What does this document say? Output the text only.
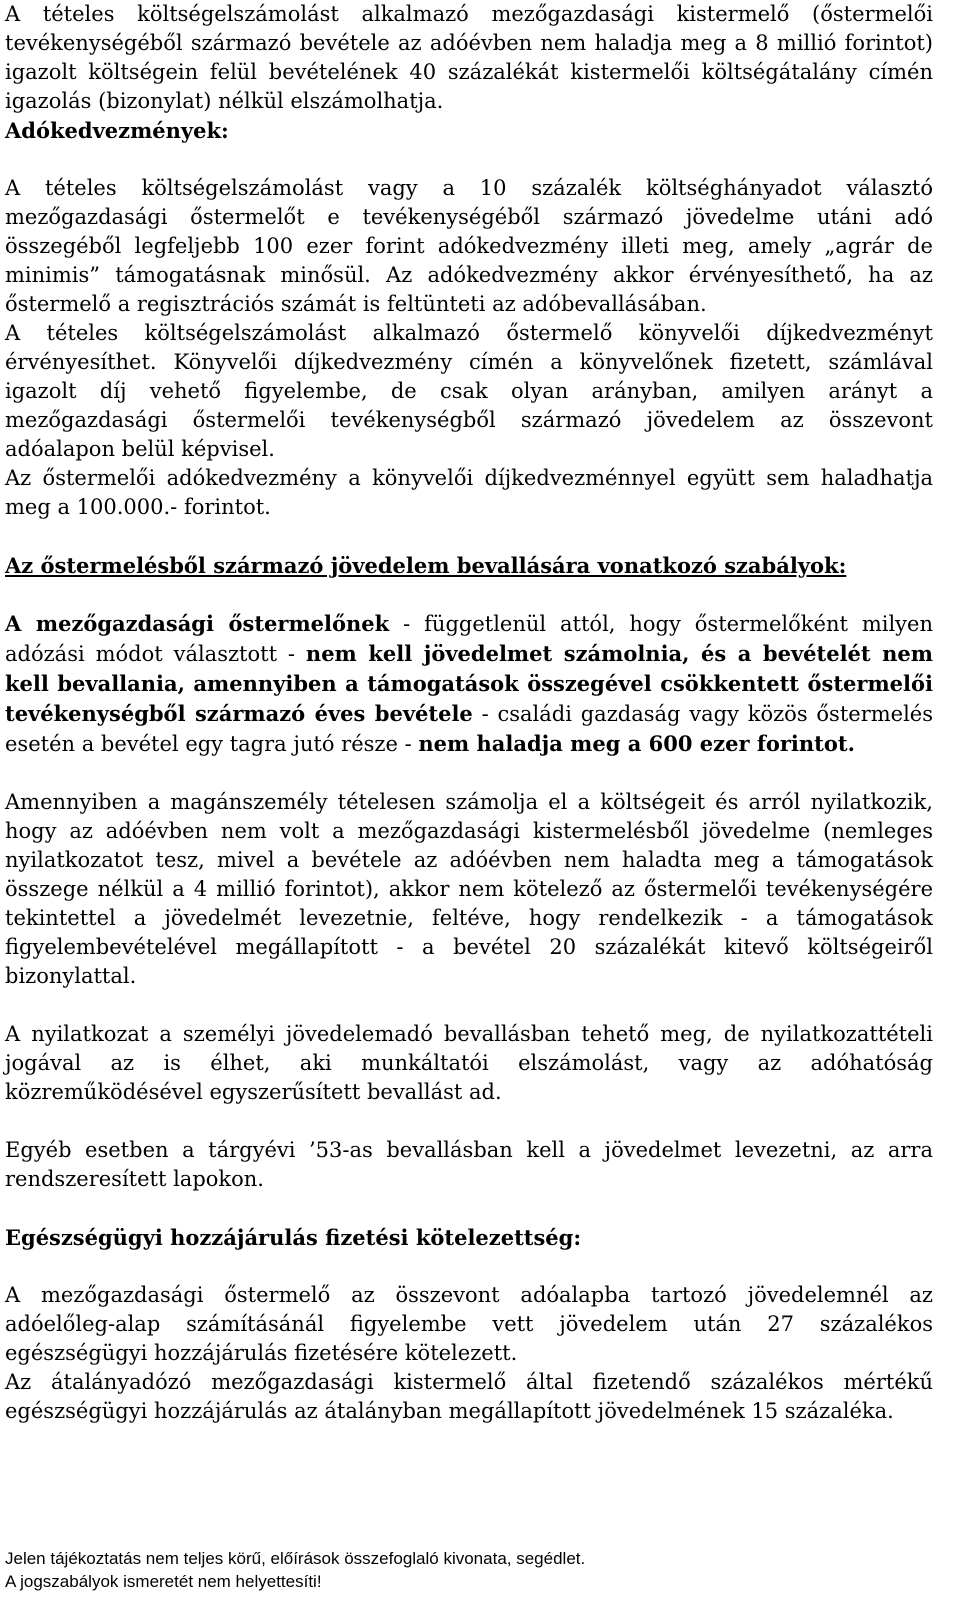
A tételes költségelszámolást alkalmazó mezőgazdasági kistermelő (őstermelői tevékenységéből származó bevétele az adóévben nem haladja meg a 8 millió forintot) igazolt költségein felül bevételének 40 százalékát kistermelői költségátalány címén igazolás (bizonylat) nélkül elszámolhatja.

Adókedvezmények:

A tételes költségelszámolást vagy a 10 százalék költséghányadot választó mezőgazdasági őstermelőt e tevékenységéből származó jövedelme utáni adó összegéből legfeljebb 100 ezer forint adókedvezmény illeti meg, amely „agrár de minimis” támogatásnak minősül. Az adókedvezmény akkor érvényesíthető, ha az őstermelő a regisztrációs számát is feltünteti az adóbevallásában.

A tételes költségelszámolást alkalmazó őstermelő könyvelői díjkedvezményt érvényesíthet. Könyvelői díjkedvezmény címén a könyvelőnek fizetett, számlával igazolt díj vehető figyelembe, de csak olyan arányban, amilyen arányt a mezőgazdasági őstermelői tevékenységből származó jövedelem az összevont adóalapon belül képvisel.

Az őstermelői adókedvezmény a könyvelői díjkedvezménnyel együtt sem haladhatja meg a 100.000.- forintot.

Az őstermelésből származó jövedelem bevallására vonatkozó szabályok:

A mezőgazdasági őstermelőnek - függetlenül attól, hogy őstermelőként milyen adózási módot választott - nem kell jövedelmet számolnia, és a bevételét nem kell bevallania, amennyiben a támogatások összegével csökkentett őstermelői tevékenységből származó éves bevétele - családi gazdaság vagy közös őstermelés esetén a bevétel egy tagra jutó része - nem haladja meg a 600 ezer forintot.

Amennyiben a magánszemély tételesen számolja el a költségeit és arról nyilatkozik, hogy az adóévben nem volt a mezőgazdasági kistermelésből jövedelme (nemleges nyilatkozatot tesz, mivel a bevétele az adóévben nem haladta meg a támogatások összege nélkül a 4 millió forintot), akkor nem kötelező az őstermelői tevékenységére tekintettel a jövedelmét levezetnie, feltéve, hogy rendelkezik - a támogatások figyelembevételével megállapított - a bevétel 20 százalékát kitevő költségeiről bizonylattal.

A nyilatkozat a személyi jövedelemadó bevallásban tehető meg, de nyilatkozattételi jogával az is élhet, aki munkáltatói elszámolást, vagy az adóhatóság közreműködésével egyszerűsített bevallást ad.

Egyéb esetben a tárgyévi ’53-as bevallásban kell a jövedelmet levezetni, az arra rendszeresített lapokon.

Egészségügyi hozzájárulás fizetési kötelezettség:

A mezőgazdasági őstermelő az összevont adóalapba tartozó jövedelemnél az adóelőleg-alap számításánál figyelembe vett jövedelem után 27 százalékos egészségügyi hozzájárulás fizetésére kötelezett.

Az átalányadózó mezőgazdasági kistermelő által fizetendő százalékos mértékű egészségügyi hozzájárulás az átalányban megállapított jövedelmének 15 százaléka.

Jelen tájékoztatás nem teljes körű, előírások összefoglaló kivonata, segédlet.
A jogszabályok ismeretét nem helyettesíti!
